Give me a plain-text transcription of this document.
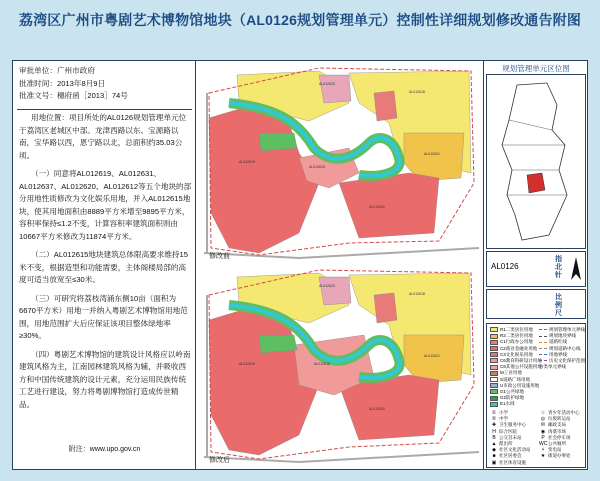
荔湾区广州市粤剧艺术博物馆地块（AL0126规划管理单元）控制性详细规划修改通告附图
审批单位：广州市政府
批准时间：2013年8月9日
批准文号：穗府函［2013］74号

用地位置：项目所处的AL0126规划管理单元位于荔湾区老城区中部。龙津西路以东、宝源路以南，宝华路以西，恩宁路以北，总面积约35.03公顷。

（一）同意将AL012619、AL012631、AL012637、AL012620、AL012612等五个地块的部分用地性质修改为文化娱乐用地，并入AL012615地块，使其用地面积由8889平方米增至9895平方米，容积率保持≤1.2不变，计算容积率建筑面积则由10667平方米修改为11874平方米。

（二）AL012615地块建筑总体限高要求维持15米不变，根据造型和功能需要，主体阁楼局部的高度可适当放宽至≤30米。

（三）可研究将荔枝湾涌东侧10亩（面积为6670平方米）用地一并纳入粤剧艺术博物馆用地范围，用地范围扩大后应保证该项目整体绿地率≥30%。

（四）粤剧艺术博物馆的建筑设计风格应以岭南建筑风格为主，江南园林建筑风格为辅，并吸收西方和中国传统建筑的设计元素，充分运用民族传统工艺进行建设，努力将粤剧博物馆打造成传世精品。

附注：www.upo.gov.cn
修改前
AL012623
AL012618
AL012619
AL012615
AL012631
AL012621
修改后
AL012623
AL012618
AL012619	AL012615
AL012631
AL012621
规划管理单元区位图
AL0126
指北针
比例尺
R1二类居住用地
R2二类居住用地
C1行政办公用地
C2商业金融业用地
C3文化娱乐用地
C6教育科研设计用地
C9其他公共设施用地
M工业用地
S道路广场用地
U市政公用设施用地
G1公共绿地
G2防护绿地
E1水域
规划管理单元界线
规划地块界线
道路红线
规划道路中心线
用地界线
历史文化保护范围
① 小学
② 中学
✚ 卫生服务中心
H 综合医院
B 公交首末站
▲ 派出所
◆ 社区文化活动站
■ 社区居委会
▣ 社区体育设施
☆ 青少年活动中心
◎ 垃圾转运站
✉ 邮政支局
◉ 肉菜市场
P 社会停车场
WC公共厕所
⚡ 变电站
★ 街道办事处
分类单元界线
